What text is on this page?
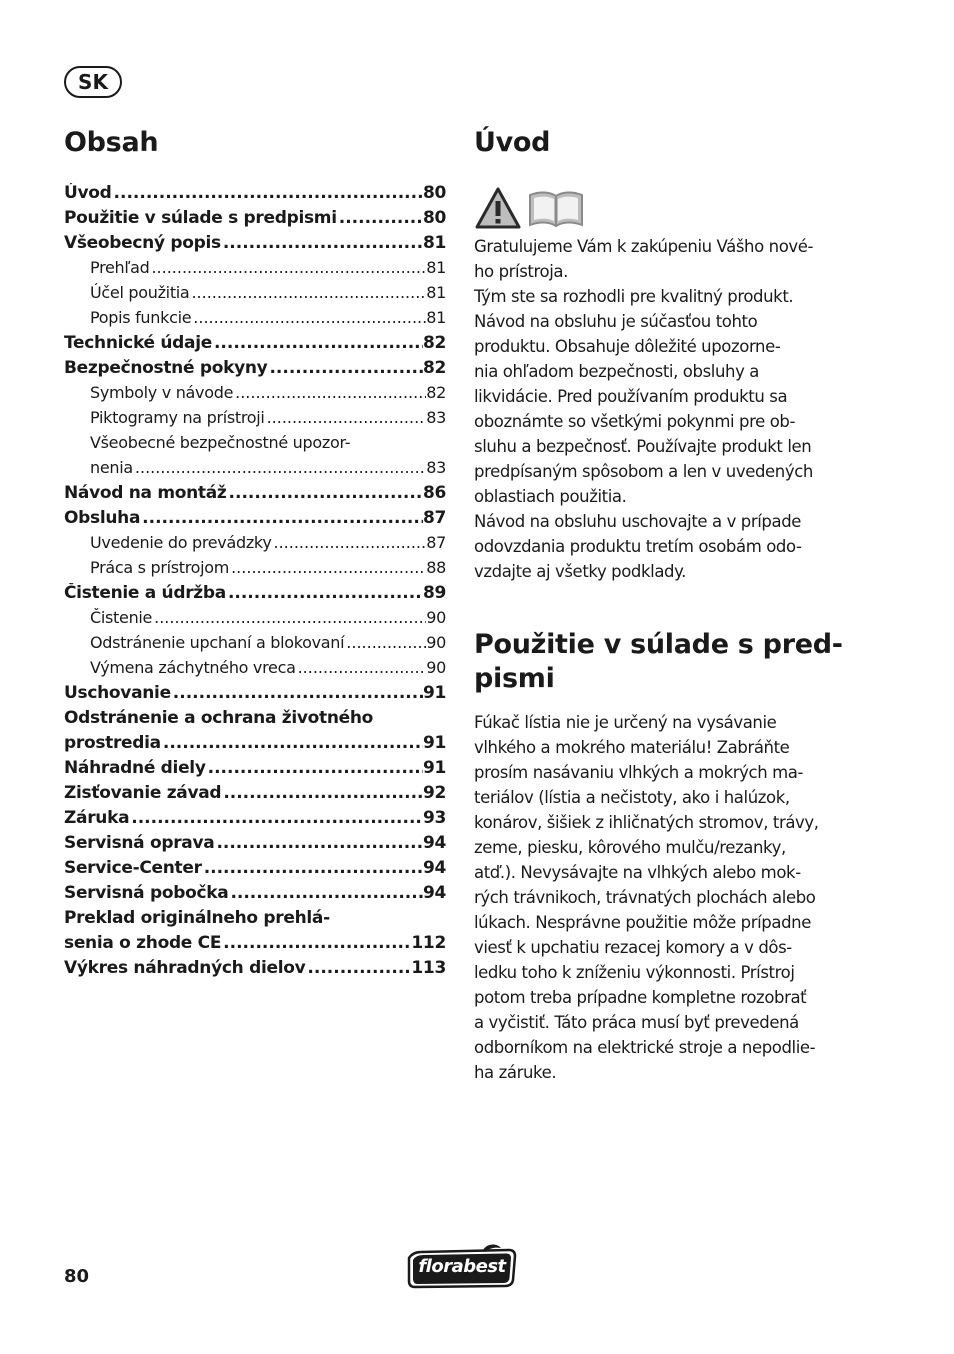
SK
Obsah
Úvod .....	80
Použitie v súlade s predpismi .....	80
Všeobecný popis .....	81
Prehľad .....	81
Účel použitia .....	81
Popis funkcie .....	81
Technické údaje .....	82
Bezpečnostné pokyny .....	82
Symboly v návode .....	82
Piktogramy na prístroji .....	83
Všeobecné bezpečnostné upozor-
nenia .....	83
Návod na montáž .....	86
Obsluha .....	87
Uvedenie do prevádzky .....	87
Práca s prístrojom .....	88
Čistenie a údržba .....	89
Čistenie .....	90
Odstránenie upchaní a blokovaní .....	90
Výmena záchytného vreca .....	90
Uschovanie .....	91
Odstránenie a ochrana životného
prostredia .....	91
Náhradné diely .....	91
Zisťovanie závad .....	92
Záruka .....	93
Servisná oprava .....	94
Service-Center .....	94
Servisná pobočka .....	94
Preklad originálneho prehlá-
senia o zhode CE .....	112
Výkres náhradných dielov .....	113
Úvod

Gratulujeme Vám k zakúpeniu Vášho nové-
ho prístroja.
Tým ste sa rozhodli pre kvalitný produkt.
Návod na obsluhu je súčasťou tohto
produktu. Obsahuje dôležité upozorne-
nia ohľadom bezpečnosti, obsluhy a
likvidácie. Pred používaním produktu sa
oboznámte so všetkými pokynmi pre ob-
sluhu a bezpečnosť. Používajte produkt len
predpísaným spôsobom a len v uvedených
oblastiach použitia.
Návod na obsluhu uschovajte a v prípade
odovzdania produktu tretím osobám odo-
vzdajte aj všetky podklady.

Použitie v súlade s pred-
pismi

Fúkač lístia nie je určený na vysávanie
vlhkého a mokrého materiálu! Zabráňte
prosím nasávaniu vlhkých a mokrých ma-
teriálov (lístia a nečistoty, ako i halúzok,
konárov, šišiek z ihličnatých stromov, trávy,
zeme, piesku, kôrového mulču/rezanky,
atď.). Nevysávajte na vlhkých alebo mok-
rých trávnikoch, trávnatých plochách alebo
lúkach. Nesprávne použitie môže prípadne
viesť k upchatiu rezacej komory a v dôs-
ledku toho k zníženiu výkonnosti. Prístroj
potom treba prípadne kompletne rozobrať
a vyčistiť. Táto práca musí byť prevedená
odborníkom na elektrické stroje a nepodlie-
ha záruke.

80	florabest
